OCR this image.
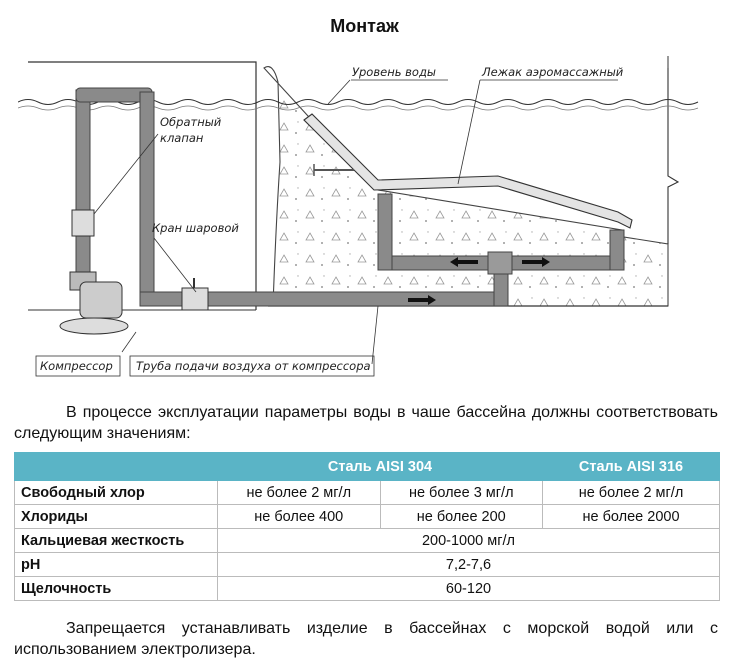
Монтаж
Уровень воды	Лежак аэромассажный
Обратный
клапан
Кран шаровой
Компрессор Труба подачи воздуха от компрессора
В процессе эксплуатации параметры воды в чаше бассейна должны соответствовать следующим значениям:
	Сталь AISI 304		Сталь AISI 316
Свободный хлор	не более 2 мг/л	не более 3 мг/л	не более 2 мг/л
Хлориды	не более 400	не более 200	не более 2000
Кальциевая жесткость	200-1000 мг/л		
pH	7,2-7,6		
Щелочность	60-120		
Запрещается устанавливать изделие в бассейнах с морской водой или с использованием электролизера.
